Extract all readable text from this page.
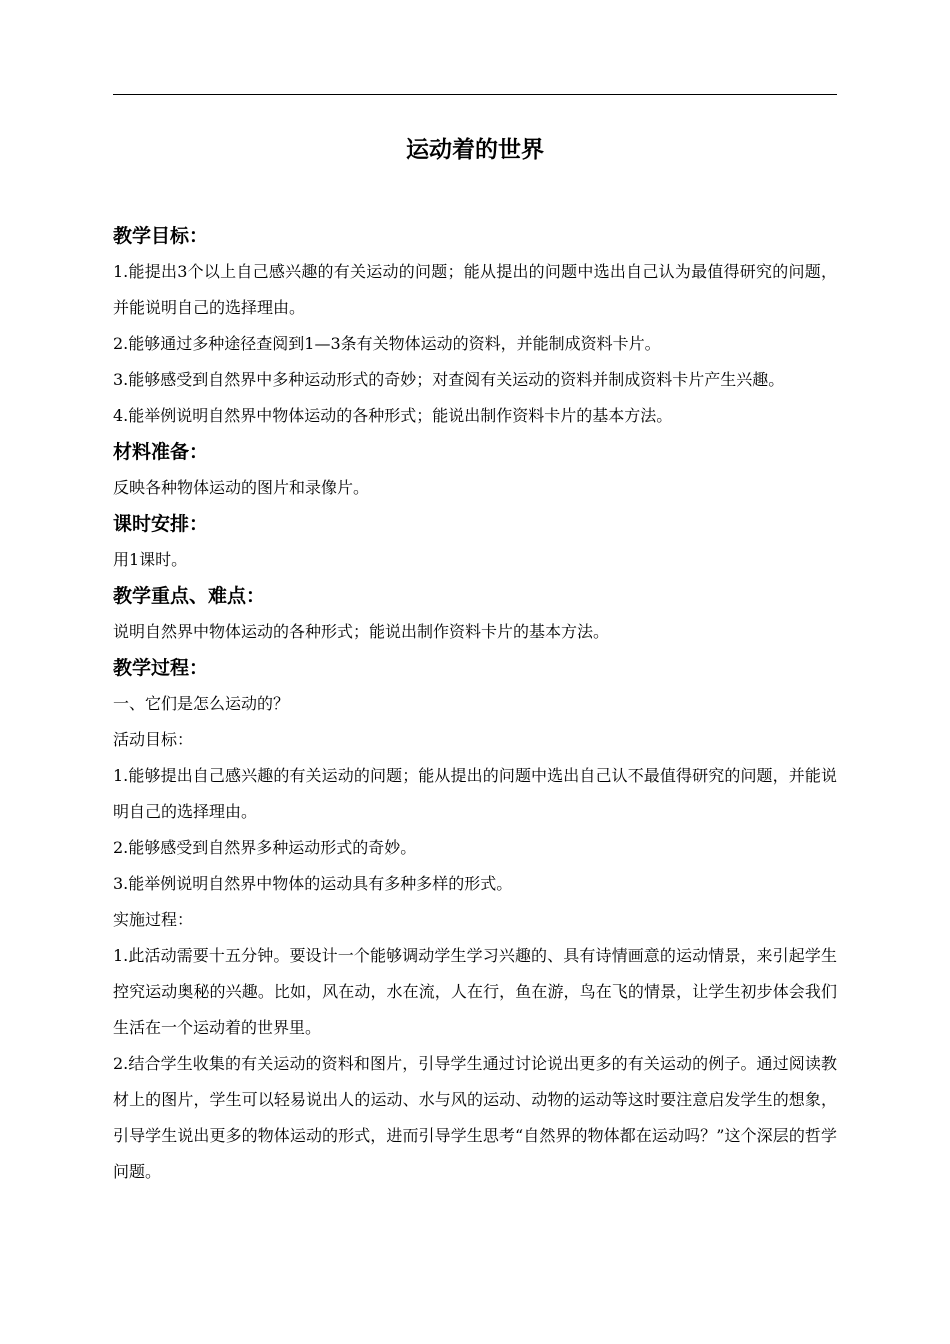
运动着的世界
教学目标：

1.能提出3个以上自己感兴趣的有关运动的问题；能从提出的问题中选出自己认为最值得研究的问题，并能说明自己的选择理由。

2.能够通过多种途径查阅到1—3条有关物体运动的资料，并能制成资料卡片。

3.能够感受到自然界中多种运动形式的奇妙；对查阅有关运动的资料并制成资料卡片产生兴趣。

4.能举例说明自然界中物体运动的各种形式；能说出制作资料卡片的基本方法。

材料准备：

反映各种物体运动的图片和录像片。

课时安排：

用1课时。

教学重点、难点：

说明自然界中物体运动的各种形式；能说出制作资料卡片的基本方法。

教学过程：

一、它们是怎么运动的？

活动目标：

1.能够提出自己感兴趣的有关运动的问题；能从提出的问题中选出自己认不最值得研究的问题，并能说明自己的选择理由。

2.能够感受到自然界多种运动形式的奇妙。

3.能举例说明自然界中物体的运动具有多种多样的形式。

实施过程：

1.此活动需要十五分钟。要设计一个能够调动学生学习兴趣的、具有诗情画意的运动情景，来引起学生控究运动奥秘的兴趣。比如，风在动，水在流，人在行，鱼在游，鸟在飞的情景，让学生初步体会我们生活在一个运动着的世界里。

2.结合学生收集的有关运动的资料和图片，引导学生通过讨论说出更多的有关运动的例子。通过阅读教材上的图片，学生可以轻易说出人的运动、水与风的运动、动物的运动等这时要注意启发学生的想象，引导学生说出更多的物体运动的形式，进而引导学生思考“自然界的物体都在运动吗？”这个深层的哲学问题。
